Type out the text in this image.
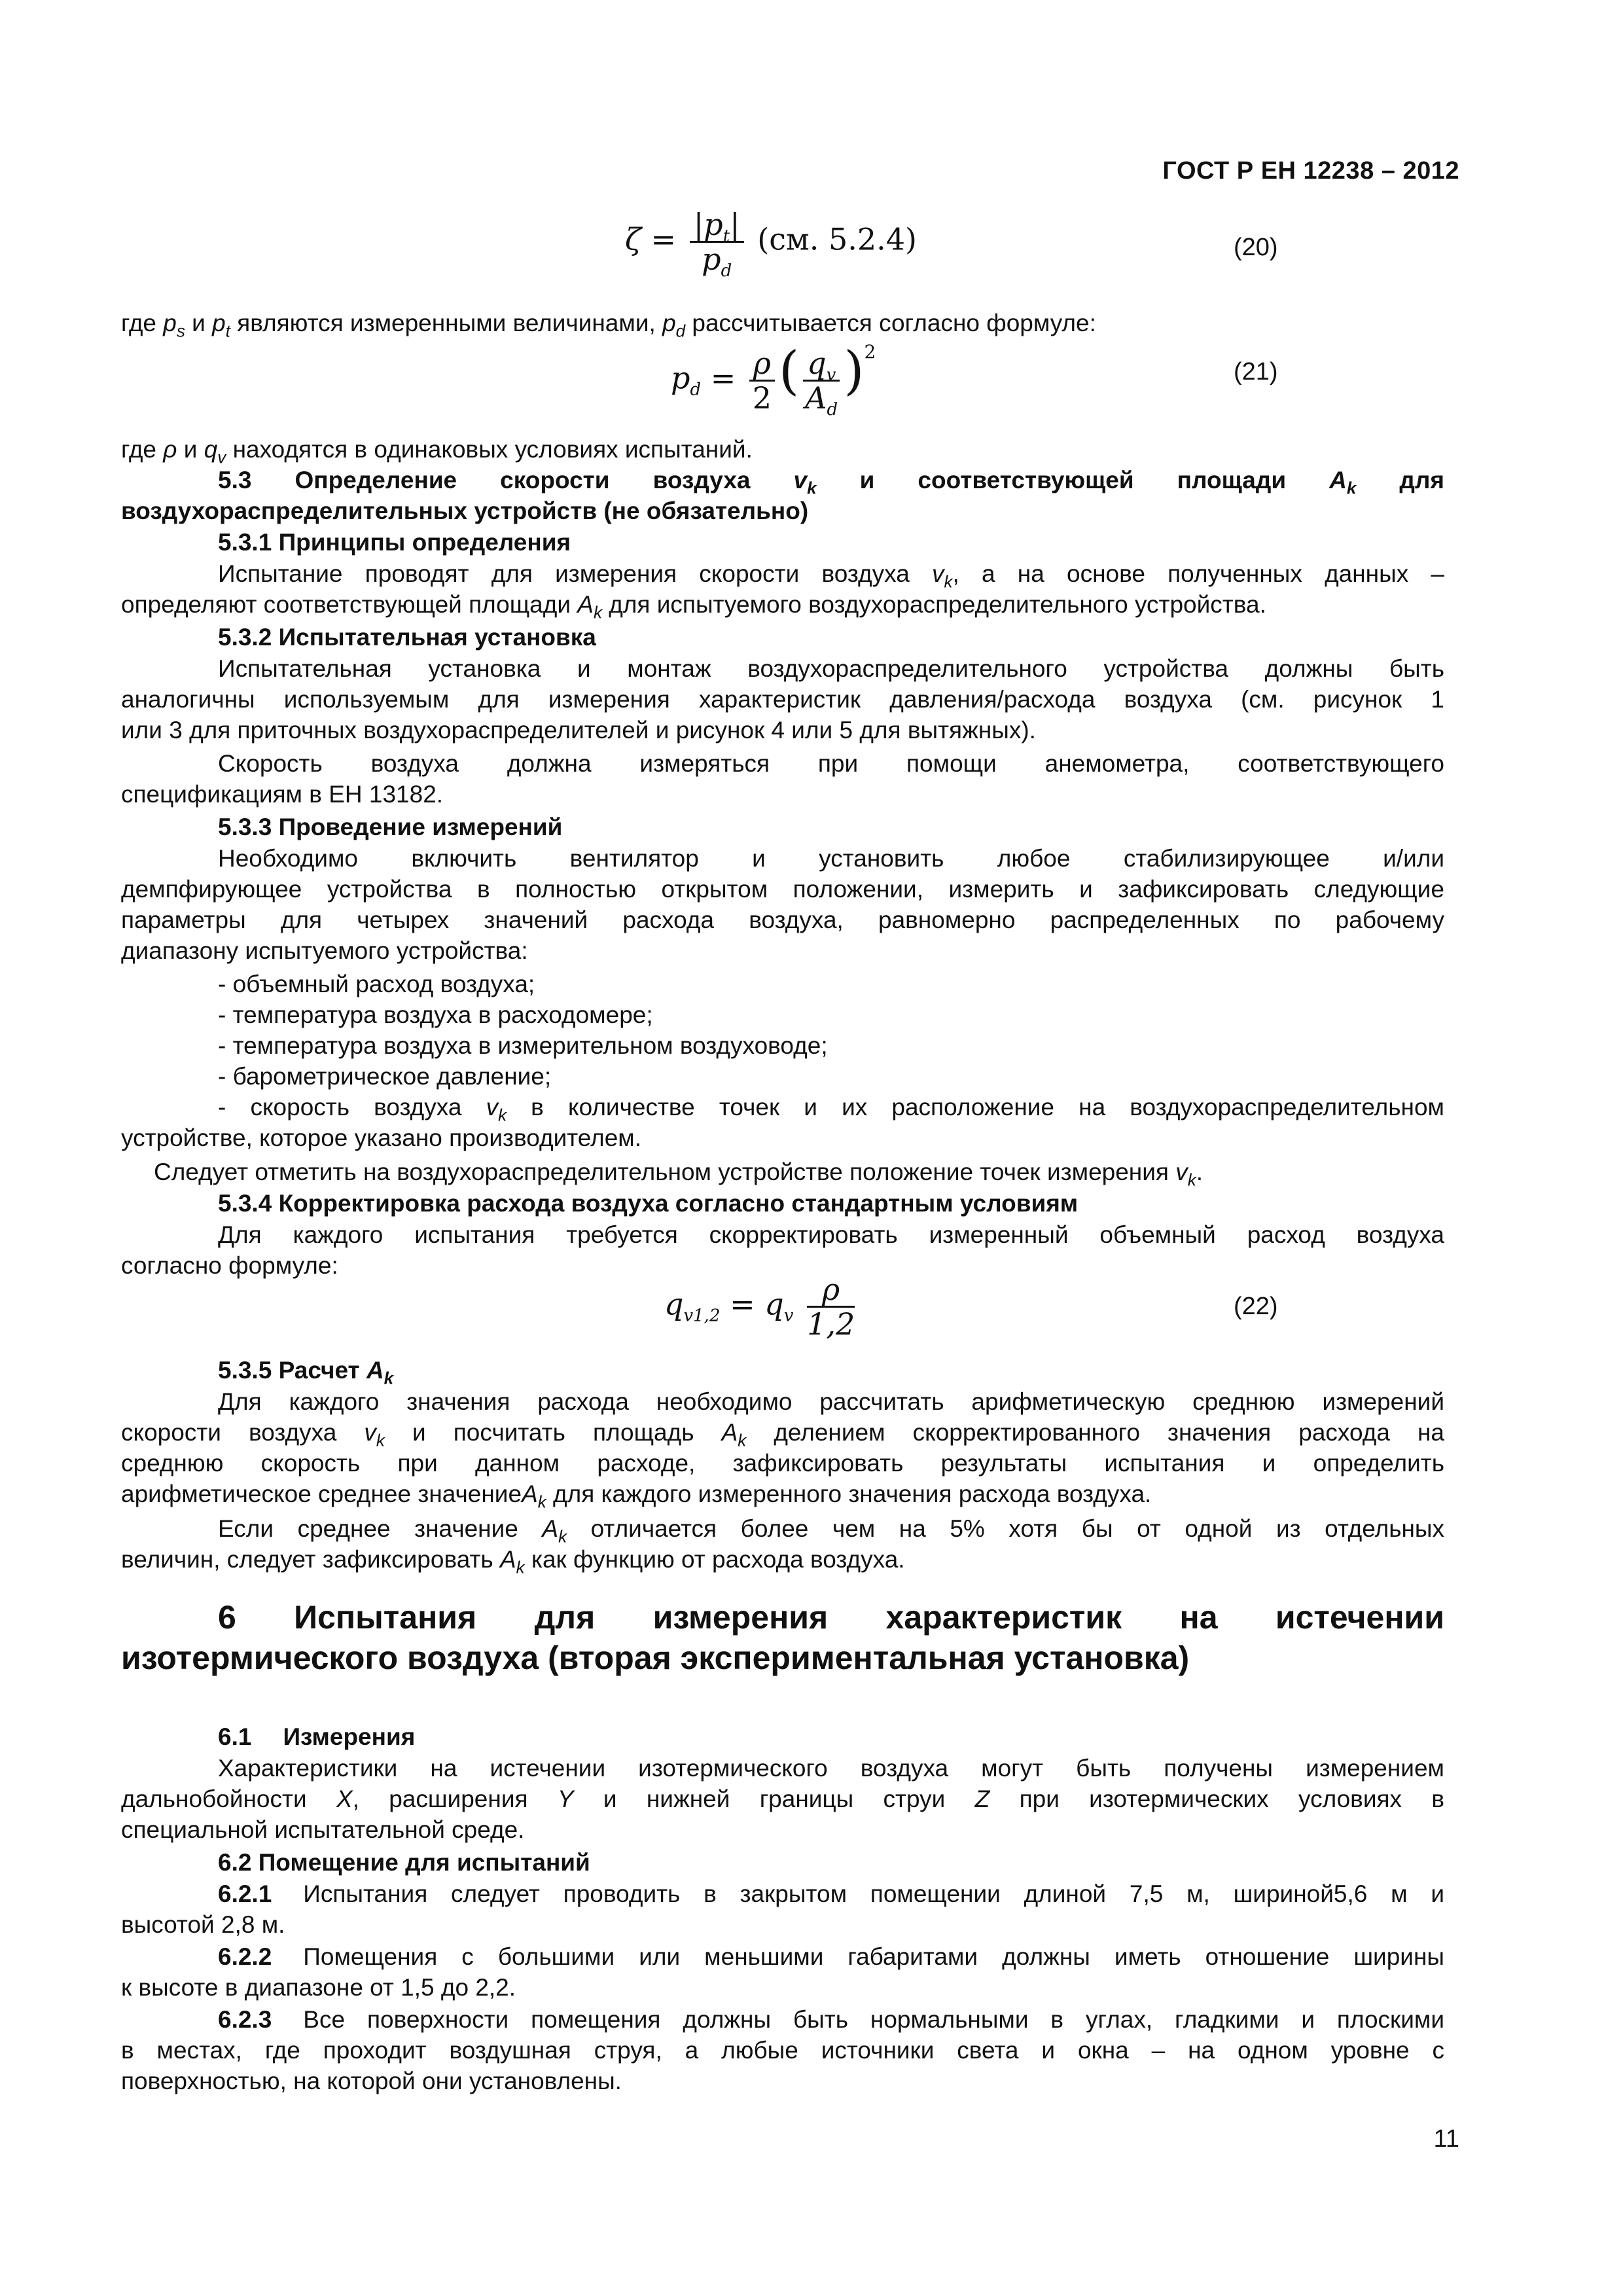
ГОСТ Р ЕН 12238 – 2012
$\zeta = \frac{|p_t|}{p_d} (см$. 5.2.4)	(20)
где $p_s$ и $p_t$ являются измеренными величинами, $p_d$ рассчитывается согласно формуле:
$p_d = \frac{\rho}{2}$ ( $\frac{q_v}{A_d} )^2$
(21)
где ρ и $q_v$ находятся в одинаковых условиях испытаний.
5.3 Определение скорости воздуха $v_k$ и соответствующей площади $A_k$ для
воздухораспределительных устройств (не обязательно)
5.3.1 Принципы определения
Испытание проводят для измерения скорости воздуха $v_k$, а на основе полученных данных –
определяют соответствующей площади $A_k$ для испытуемого воздухораспределительного устройства.
5.3.2 Испытательная установка
Испытательная установка и монтаж воздухораспределительного устройства должны быть
аналогичны используемым для измерения характеристик давления/расхода воздуха (см. рисунок 1
или 3 для приточных воздухораспределителей и рисунок 4 или 5 для вытяжных).
Скорость воздуха должна измеряться при помощи анемометра, соответствующего
спецификациям в ЕН 13182.
5.3.3 Проведение измерений
Необходимо включить вентилятор и установить любое стабилизирующее и/или
демпфирующее устройства в полностью открытом положении, измерить и зафиксировать следующие
параметры для четырех значений расхода воздуха, равномерно распределенных по рабочему
диапазону испытуемого устройства:
- объемный расход воздуха;
- температура воздуха в расходомере;
- температура воздуха в измерительном воздуховоде;
- барометрическое давление;
- скорость воздуха $v_k$ в количестве точек и их расположение на воздухораспределительном
устройстве, которое указано производителем.
Следует отметить на воздухораспределительном устройстве положение точек измерения $v_k$.
5.3.4 Корректировка расхода воздуха согласно стандартным условиям
Для каждого испытания требуется скорректировать измеренный объемный расход воздуха
согласно формуле:
$q_{v1,2} = q_v \frac{\rho}{1,2}$	(22)
5.3.5 Расчет $A_k$
Для каждого значения расхода необходимо рассчитать арифметическую среднюю измерений
скорости воздуха $v_k$ и посчитать площадь $A_k$ делением скорректированного значения расхода на
среднюю скорость при данном расходе, зафиксировать результаты испытания и определить
арифметическое среднее значениеA$_k$ для каждого измеренного значения расхода воздуха.
Если среднее значение $A_k$ отличается более чем на 5% хотя бы от одной из отдельных
величин, следует зафиксировать $A_k$ как функцию от расхода воздуха.
6 Испытания для измерения характеристик на истечении
изотермического воздуха (вторая экспериментальная установка)
6.1 Измерения
Характеристики на истечении изотермического воздуха могут быть получены измерением
дальнобойности X, расширения Y и нижней границы струи Z при изотермических условиях в
специальной испытательной среде.
6.2 Помещение для испытаний
6.2.1 Испытания следует проводить в закрытом помещении длиной 7,5 м, шириной5,6 м и
высотой 2,8 м.
6.2.2 Помещения с большими или меньшими габаритами должны иметь отношение ширины
к высоте в диапазоне от 1,5 до 2,2.
6.2.3 Все поверхности помещения должны быть нормальными в углах, гладкими и плоскими
в местах, где проходит воздушная струя, а любые источники света и окна – на одном уровне с
поверхностью, на которой они установлены.
11
